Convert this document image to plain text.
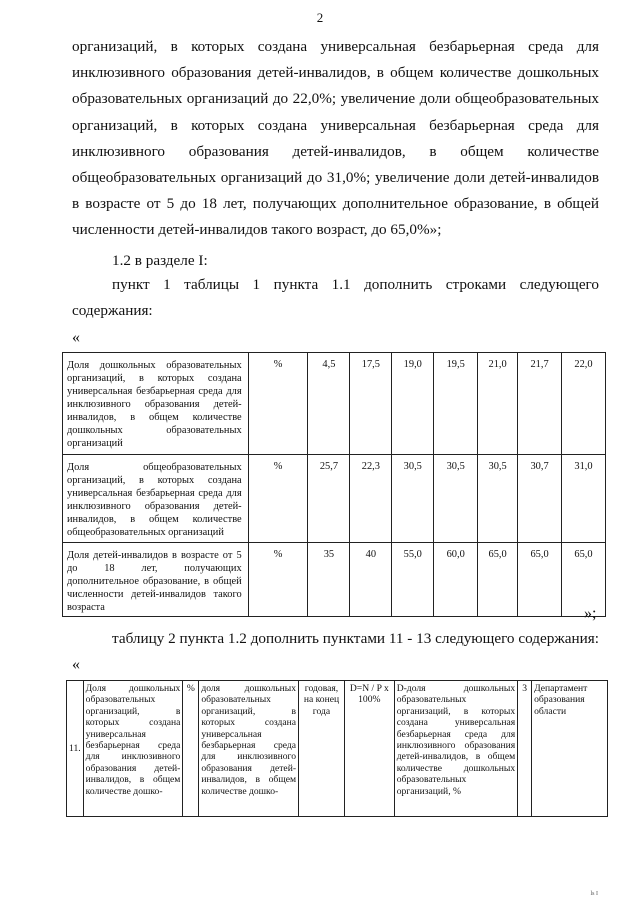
2
организаций, в которых создана универсальная безбарьерная среда для инклюзивного образования детей-инвалидов, в общем количестве дошкольных образовательных организаций до 22,0%; увеличение доли общеобразовательных организаций, в которых создана универсальная безбарьерная среда для инклюзивного образования детей-инвалидов, в общем количестве общеобразовательных организаций до 31,0%; увеличение доли детей-инвалидов в возрасте от 5 до 18 лет, получающих дополнительное образование, в общей численности детей-инвалидов такого возраст, до 65,0%»;
1.2 в разделе I:
пункт 1 таблицы 1 пункта 1.1 дополнить строками следующего содержания:
«
Доля дошкольных образовательных организаций, в которых создана универсальная безбарьерная среда для инклюзивного образования детей-инвалидов, в общем количестве дошкольных образовательных организаций	%	4,5	17,5	19,0	19,5	21,0	21,7	22,0
Доля общеобразовательных организаций, в которых создана универсальная безбарьерная среда для инклюзивного образования детей-инвалидов, в общем количестве общеобразовательных организаций	%	25,7	22,3	30,5	30,5	30,5	30,7	31,0
Доля детей-инвалидов в возрасте от 5 до 18 лет, получающих дополнительное образование, в общей численности детей-инвалидов такого возраста	%	35	40	55,0	60,0	65,0	65,0	65,0
»;
таблицу 2 пункта 1.2 дополнить пунктами 11 - 13 следующего содержания:
«
11.	Доля дошкольных образовательных организаций, в которых создана универсальная безбарьерная среда для инклюзивного образования детей-инвалидов, в общем количестве дошко-	%	доля дошкольных образовательных организаций, в которых создана универсальная безбарьерная среда для инклюзивного образования детей-инвалидов, в общем количестве дошко-	годовая, на конец года	D=N / P x 100%	D-доля дошкольных образовательных организаций, в которых создана универсальная безбарьерная среда для инклюзивного образования детей-инвалидов, в общем количестве дошкольных образовательных организаций, %	3	Департамент образования области
ls I
